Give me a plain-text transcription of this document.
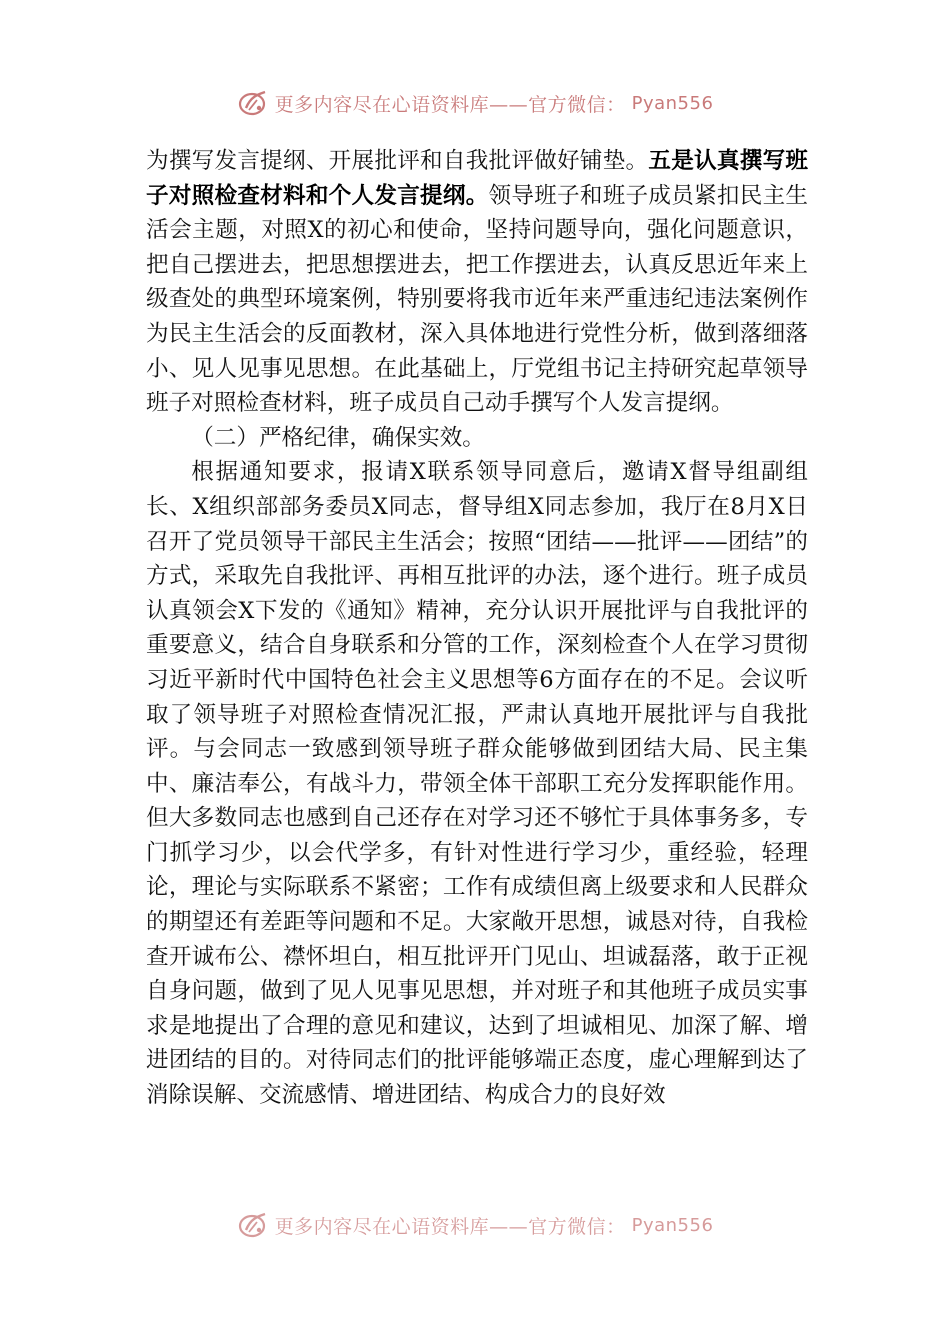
更多内容尽在心语资料库——官方微信： Pyan556

为撰写发言提纲、开展批评和自我批评做好铺垫。五是认真撰写班子对照检查材料和个人发言提纲。领导班子和班子成员紧扣民主生活会主题，对照X的初心和使命，坚持问题导向，强化问题意识，把自己摆进去，把思想摆进去，把工作摆进去，认真反思近年来上级查处的典型环境案例，特别要将我市近年来严重违纪违法案例作为民主生活会的反面教材，深入具体地进行党性分析，做到落细落小、见人见事见思想。在此基础上，厅党组书记主持研究起草领导班子对照检查材料，班子成员自己动手撰写个人发言提纲。

（二）严格纪律，确保实效。

根据通知要求，报请X联系领导同意后，邀请X督导组副组长、X组织部部务委员X同志，督导组X同志参加，我厅在8月X日召开了党员领导干部民主生活会；按照“团结——批评——团结”的方式，采取先自我批评、再相互批评的办法，逐个进行。班子成员认真领会X下发的《通知》精神，充分认识开展批评与自我批评的重要意义，结合自身联系和分管的工作，深刻检查个人在学习贯彻习近平新时代中国特色社会主义思想等6方面存在的不足。会议听取了领导班子对照检查情况汇报，严肃认真地开展批评与自我批评。与会同志一致感到领导班子群众能够做到团结大局、民主集中、廉洁奉公，有战斗力，带领全体干部职工充分发挥职能作用。但大多数同志也感到自己还存在对学习还不够忙于具体事务多，专门抓学习少，以会代学多，有针对性进行学习少，重经验，轻理论，理论与实际联系不紧密；工作有成绩但离上级要求和人民群众的期望还有差距等问题和不足。大家敞开思想，诚恳对待，自我检查开诚布公、襟怀坦白，相互批评开门见山、坦诚磊落，敢于正视自身问题，做到了见人见事见思想，并对班子和其他班子成员实事求是地提出了合理的意见和建议，达到了坦诚相见、加深了解、增进团结的目的。对待同志们的批评能够端正态度，虚心理解到达了消除误解、交流感情、增进团结、构成合力的良好效

更多内容尽在心语资料库——官方微信： Pyan556
